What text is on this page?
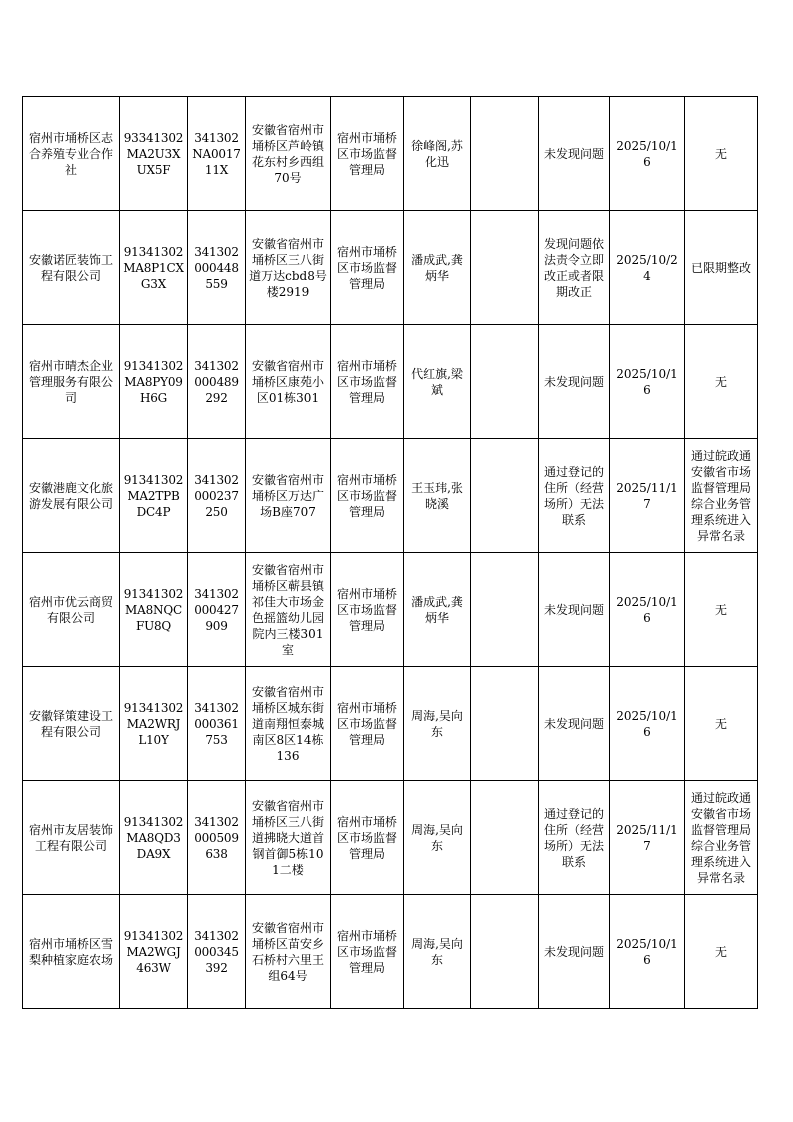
宿州市埇桥区志合养殖专业合作社	93341302MA2U3XUX5F	341302NA001711X	安徽省宿州市埇桥区芦岭镇花东村乡西组70号	宿州市埇桥区市场监督管理局	徐峰阁,苏化迅		未发现问题	2025/10/16	无
安徽诺匠装饰工程有限公司	91341302MA8P1CXG3X	341302000448559	安徽省宿州市埇桥区三八街道万达cbd8号楼2919	宿州市埇桥区市场监督管理局	潘成武,龚炳华		发现问题依法责令立即改正或者限期改正	2025/10/24	已限期整改
宿州市晴杰企业管理服务有限公司	91341302MA8PY09H6G	341302000489292	安徽省宿州市埇桥区康苑小区01栋301	宿州市埇桥区市场监督管理局	代红旗,梁斌		未发现问题	2025/10/16	无
安徽港鹿文化旅游发展有限公司	91341302MA2TPBDC4P	341302000237250	安徽省宿州市埇桥区万达广场B座707	宿州市埇桥区市场监督管理局	王玉玮,张晓溪		通过登记的住所（经营场所）无法联系	2025/11/17	通过皖政通安徽省市场监督管理局综合业务管理系统进入异常名录
宿州市优云商贸有限公司	91341302MA8NQCFU8Q	341302000427909	安徽省宿州市埇桥区蕲县镇祁佳大市场金色摇篮幼儿园院内三楼301室	宿州市埇桥区市场监督管理局	潘成武,龚炳华		未发现问题	2025/10/16	无
安徽铎策建设工程有限公司	91341302MA2WRJL10Y	341302000361753	安徽省宿州市埇桥区城东街道南翔恒泰城南区8区14栋136	宿州市埇桥区市场监督管理局	周海,吴向东		未发现问题	2025/10/16	无
宿州市友居装饰工程有限公司	91341302MA8QD3DA9X	341302000509638	安徽省宿州市埇桥区三八街道拂晓大道首钢首御5栋101二楼	宿州市埇桥区市场监督管理局	周海,吴向东		通过登记的住所（经营场所）无法联系	2025/11/17	通过皖政通安徽省市场监督管理局综合业务管理系统进入异常名录
宿州市埇桥区雪梨种植家庭农场	91341302MA2WGJ463W	341302000345392	安徽省宿州市埇桥区苗安乡石桥村六里王组64号	宿州市埇桥区市场监督管理局	周海,吴向东		未发现问题	2025/10/16	无
